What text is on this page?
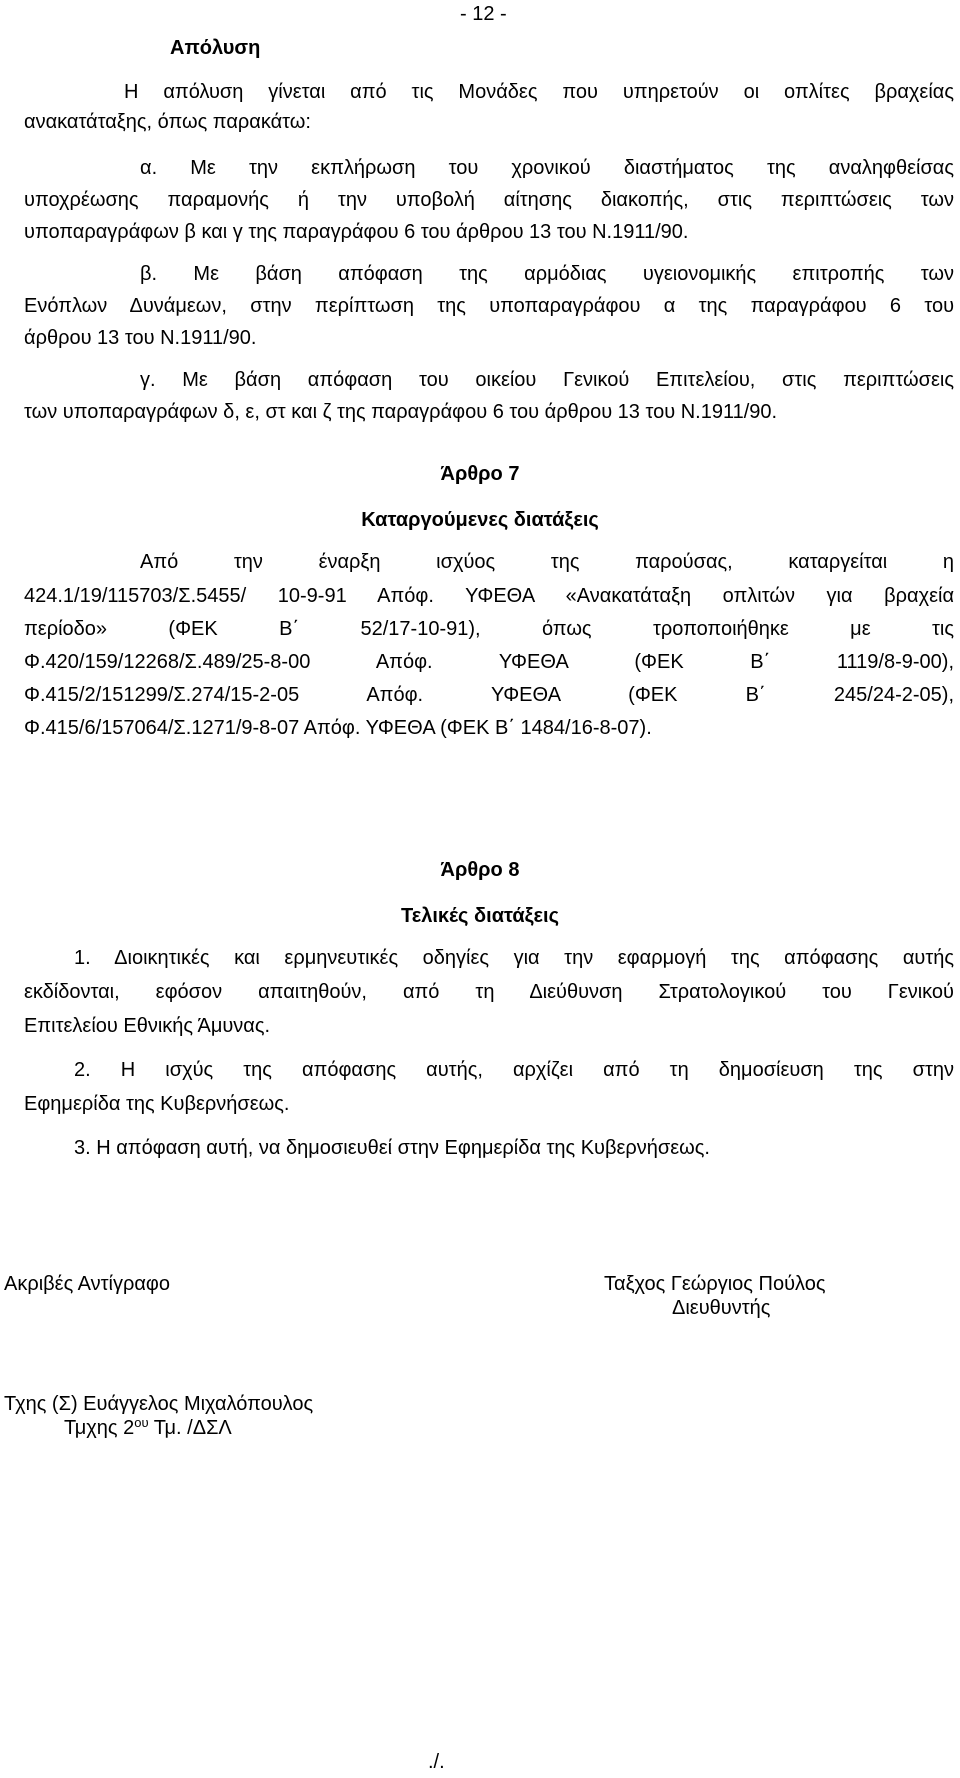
- 12 -
Απόλυση
Η απόλυση γίνεται από τις Μονάδες που υπηρετούν οι οπλίτες βραχείας
ανακατάταξης, όπως παρακάτω:
α. Με την εκπλήρωση του χρονικού διαστήματος της αναληφθείσας
υποχρέωσης παραμονής ή την υποβολή αίτησης διακοπής, στις περιπτώσεις των
υποπαραγράφων β και γ της παραγράφου 6 του άρθρου 13 του Ν.1911/90.
β. Με βάση απόφαση της αρμόδιας υγειονομικής επιτροπής των
Ενόπλων Δυνάμεων, στην περίπτωση της υποπαραγράφου α της παραγράφου 6 του
άρθρου 13 του Ν.1911/90.
γ. Με βάση απόφαση του οικείου Γενικού Επιτελείου, στις περιπτώσεις
των υποπαραγράφων δ, ε, στ και ζ της παραγράφου 6 του άρθρου 13 του Ν.1911/90.
Άρθρο 7
Καταργούμενες διατάξεις
Από την έναρξη ισχύος της παρούσας, καταργείται η
424.1/19/115703/Σ.5455/ 10-9-91 Απόφ. ΥΦΕΘΑ «Ανακατάταξη οπλιτών για βραχεία
περίοδο» (ΦΕΚ Β΄ 52/17-10-91), όπως τροποποιήθηκε με τις
Φ.420/159/12268/Σ.489/25-8-00 Απόφ. ΥΦΕΘΑ (ΦΕΚ Β΄ 1119/8-9-00),
Φ.415/2/151299/Σ.274/15-2-05 Απόφ. ΥΦΕΘΑ (ΦΕΚ Β΄ 245/24-2-05),
Φ.415/6/157064/Σ.1271/9-8-07 Απόφ. ΥΦΕΘΑ (ΦΕΚ Β΄ 1484/16-8-07).
Άρθρο 8
Τελικές διατάξεις
1. Διοικητικές και ερμηνευτικές οδηγίες για την εφαρμογή της απόφασης αυτής
εκδίδονται, εφόσον απαιτηθούν, από τη Διεύθυνση Στρατολογικού του Γενικού
Επιτελείου Εθνικής Άμυνας.
2. Η ισχύς της απόφασης αυτής, αρχίζει από τη δημοσίευση της στην
Εφημερίδα της Κυβερνήσεως.
3. Η απόφαση αυτή, να δημοσιευθεί στην Εφημερίδα της Κυβερνήσεως.
Ακριβές Αντίγραφο	Ταξχος Γεώργιος Πούλος
Διευθυντής
Τχης (Σ) Ευάγγελος Μιχαλόπουλος
Τμχης $2^{o\upsilon}$ Τμ. /ΔΣΛ
./.
